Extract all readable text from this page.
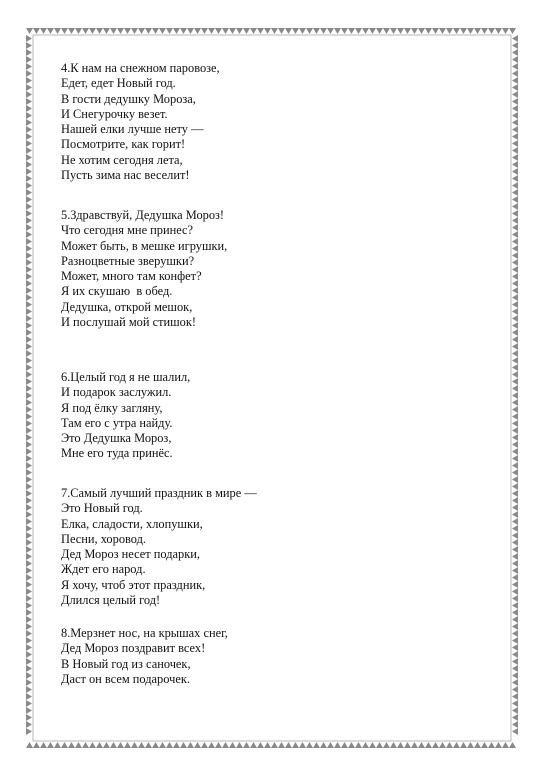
4.К нам на снежном паровозе,
Едет, едет Новый год.
В гости дедушку Мороза,
И Снегурочку везет.
Нашей елки лучше нету —
Посмотрите, как горит!
Не хотим сегодня лета,
Пусть зима нас веселит!
5.Здравствуй, Дедушка Мороз!
Что сегодня мне принес?
Может быть, в мешке игрушки,
Разноцветные зверушки?
Может, много там конфет?
Я их скушаю  в обед.
Дедушка, открой мешок,
И послушай мой стишок!
6.Целый год я не шалил,
И подарок заслужил.
Я под ёлку загляну,
Там его с утра найду.
Это Дедушка Мороз,
Мне его туда принёс.
7.Самый лучший праздник в мире —
Это Новый год.
Елка, сладости, хлопушки,
Песни, хоровод.
Дед Мороз несет подарки,
Ждет его народ.
Я хочу, чтоб этот праздник,
Длился целый год!
8.Мерзнет нос, на крышах снег,
Дед Мороз поздравит всех!
В Новый год из саночек,
Даст он всем подарочек.
